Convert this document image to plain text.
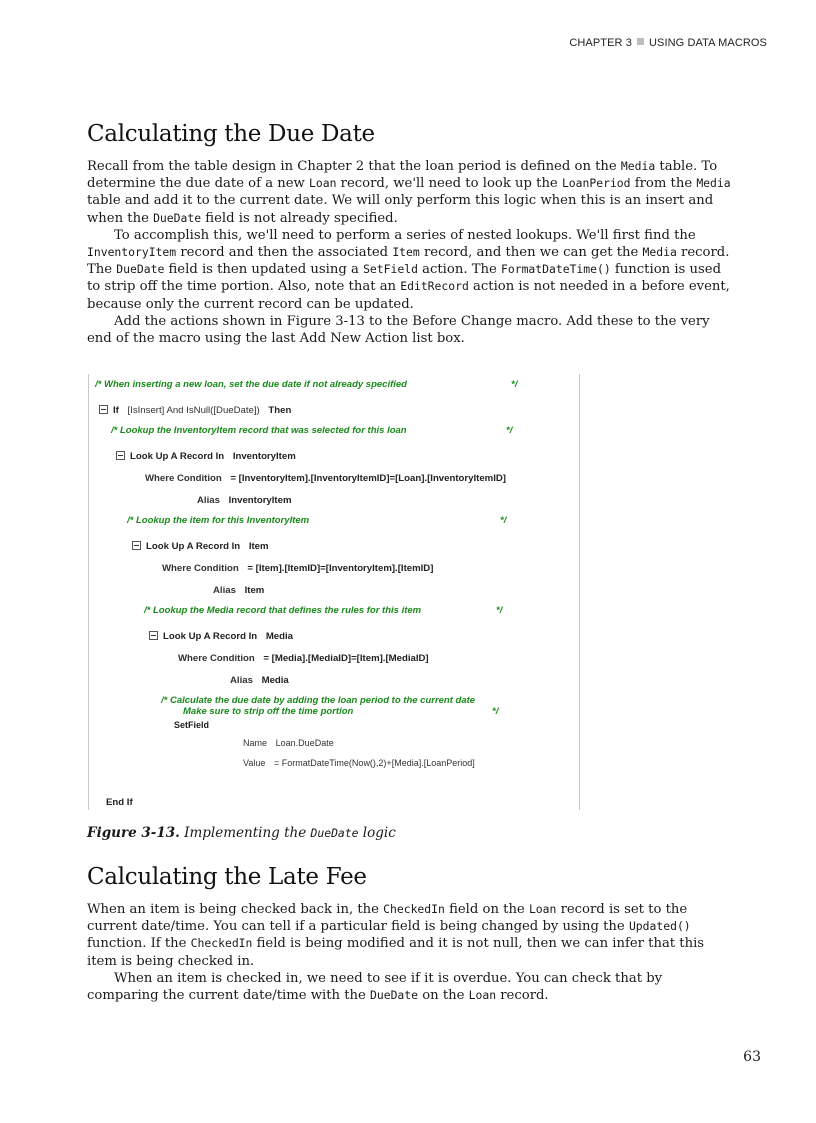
CHAPTER 3 USING DATA MACROS
Calculating the Due Date

Recall from the table design in Chapter 2 that the loan period is defined on the Media table. To determine the due date of a new Loan record, we'll need to look up the LoanPeriod from the Media table and add it to the current date. We will only perform this logic when this is an insert and when the DueDate field is not already specified.

To accomplish this, we'll need to perform a series of nested lookups. We'll first find the InventoryItem record and then the associated Item record, and then we can get the Media record. The DueDate field is then updated using a SetField action. The FormatDateTime() function is used to strip off the time portion. Also, note that an EditRecord action is not needed in a before event, because only the current record can be updated.

Add the actions shown in Figure 3-13 to the Before Change macro. Add these to the very end of the macro using the last Add New Action list box.

/* When inserting a new loan, set the due date if not already specified	*/
If [IsInsert] And IsNull([DueDate]) Then
/* Lookup the InventoryItem record that was selected for this loan	*/
Look Up A Record In InventoryItem
Where Condition = [InventoryItem].[InventoryItemID]=[Loan].[InventoryItemID]
Alias InventoryItem
/* Lookup the item for this InventoryItem	*/
Look Up A Record In Item
Where Condition = [Item].[ItemID]=[InventoryItem].[ItemID]
Alias Item
/* Lookup the Media record that defines the rules for this item	*/
Look Up A Record In Media
Where Condition = [Media].[MediaID]=[Item].[MediaID]
Alias Media
/* Calculate the due date by adding the loan period to the current date
Make sure to strip off the time portion	*/
SetField
Name Loan.DueDate
Value = FormatDateTime(Now(),2)+[Media].[LoanPeriod]
End If
Figure 3-13. Implementing the DueDate logic
Calculating the Late Fee

When an item is being checked back in, the CheckedIn field on the Loan record is set to the current date/time. You can tell if a particular field is being changed by using the Updated() function. If the CheckedIn field is being modified and it is not null, then we can infer that this item is being checked in.

When an item is checked in, we need to see if it is overdue. You can check that by comparing the current date/time with the DueDate on the Loan record.

63
